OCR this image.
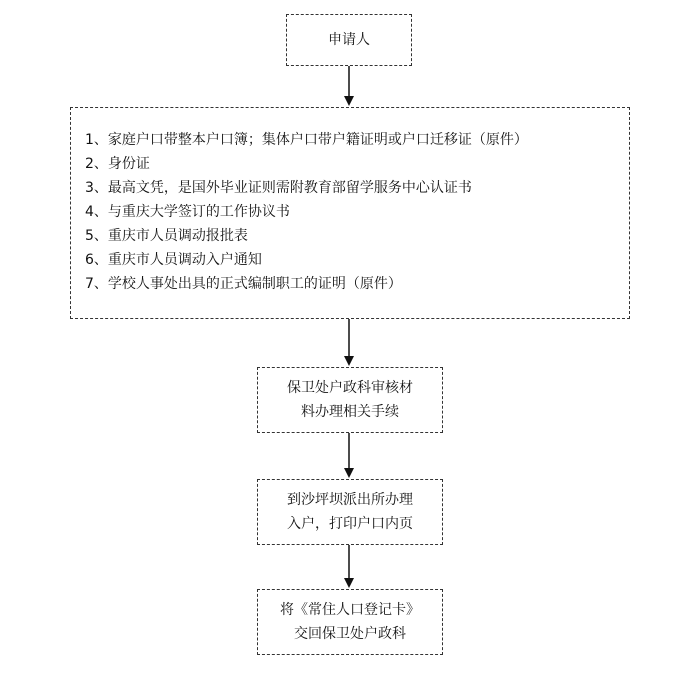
申请人
1、家庭户口带整本户口簿；集体户口带户籍证明或户口迁移证（原件）
2、身份证
3、最高文凭，是国外毕业证则需附教育部留学服务中心认证书
4、与重庆大学签订的工作协议书
5、重庆市人员调动报批表
6、重庆市人员调动入户通知
7、学校人事处出具的正式编制职工的证明（原件）
保卫处户政科审核材
料办理相关手续
到沙坪坝派出所办理
入户，打印户口内页
将《常住人口登记卡》
交回保卫处户政科
